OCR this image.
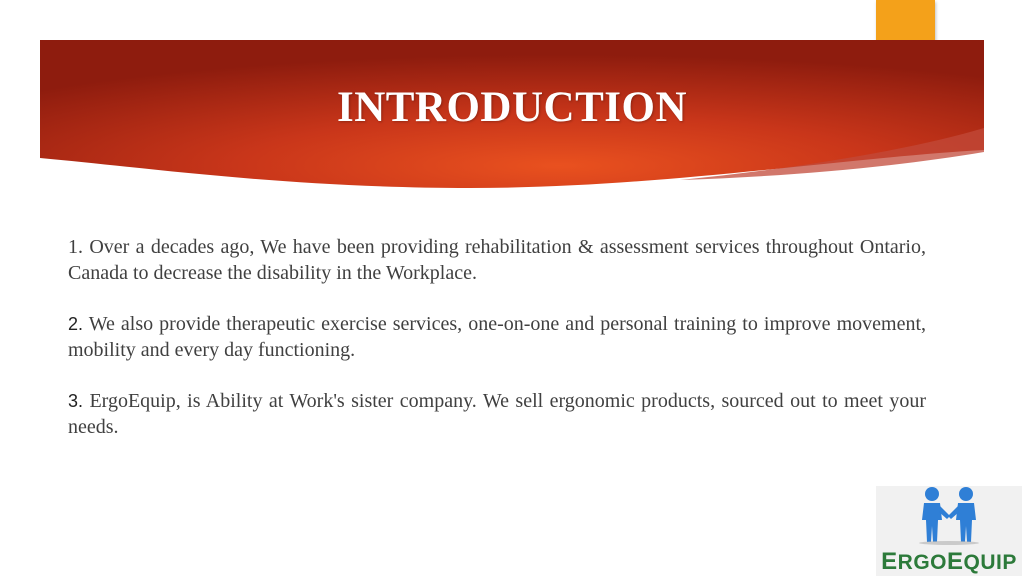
INTRODUCTION

1. Over a decades ago, We have been providing rehabilitation & assessment services throughout Ontario, Canada to decrease the disability in the Workplace.

2. We also provide therapeutic exercise services, one-on-one and personal training to improve movement, mobility and every day functioning.

3. ErgoEquip, is Ability at Work's sister company. We sell ergonomic products, sourced out to meet your needs.

ERGOEQUIP
